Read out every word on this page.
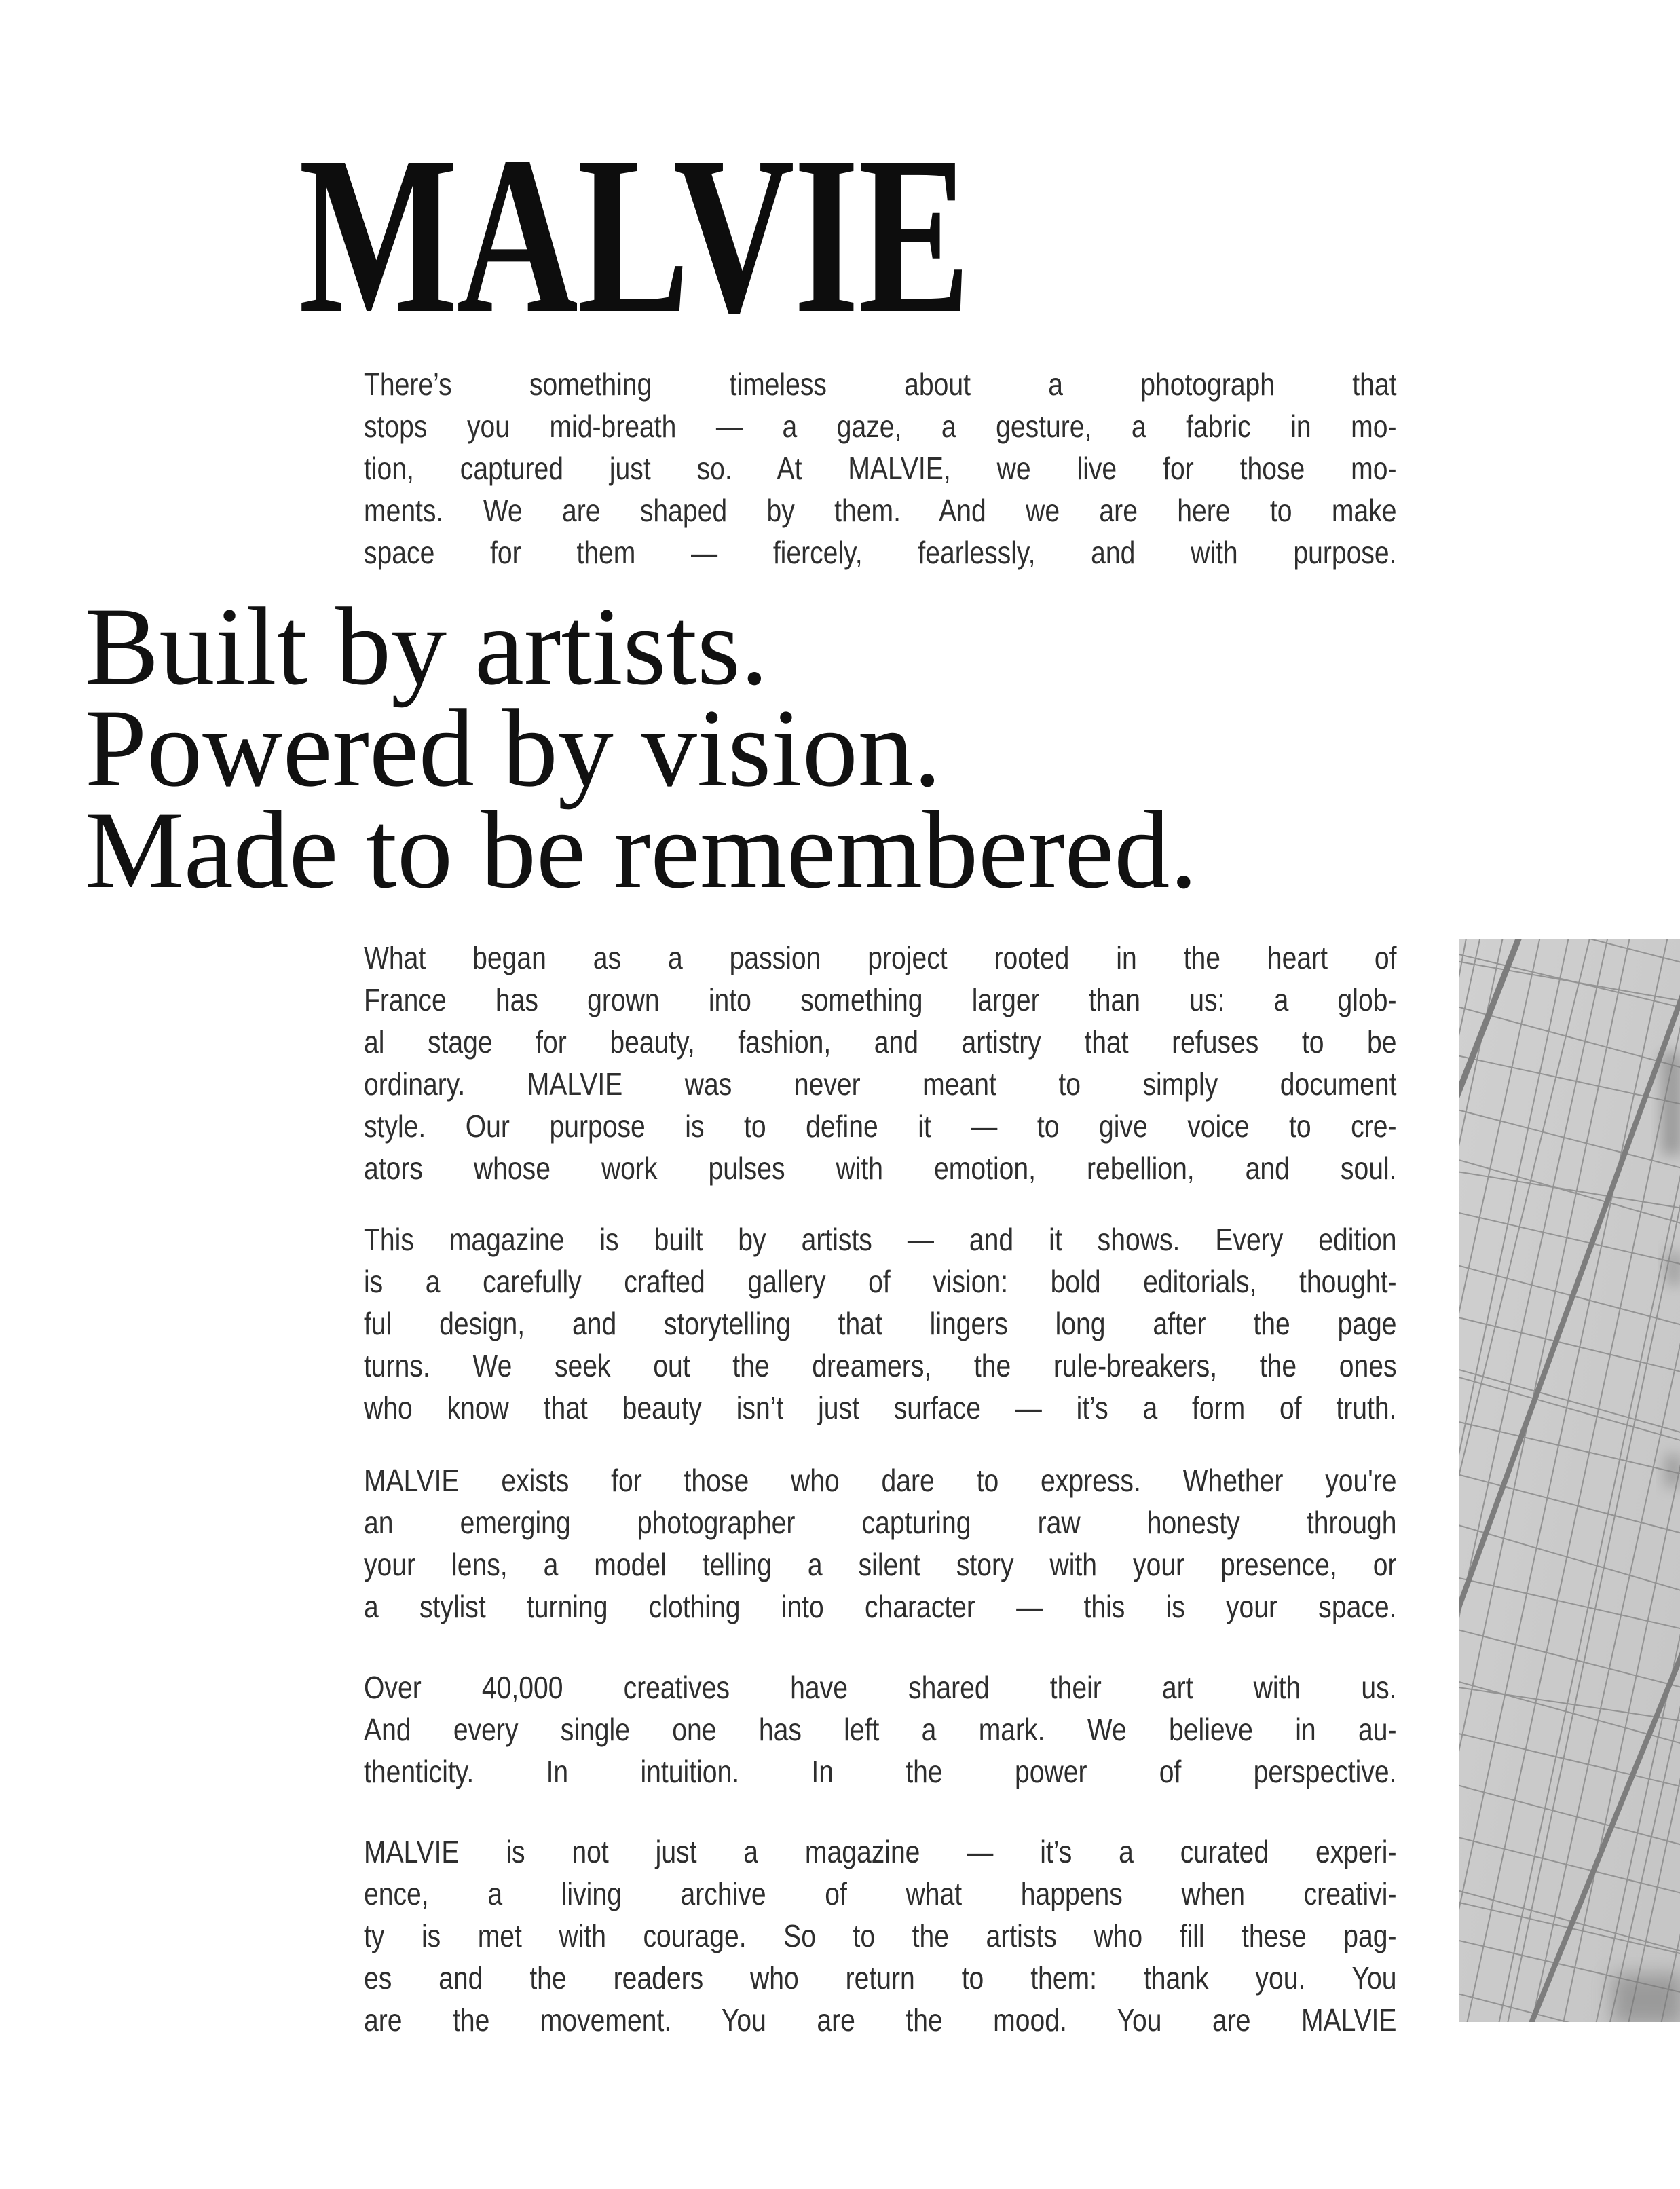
MALVIE
Built by artists.
Powered by vision.
Made to be remembered.
There’s something timeless about a photograph that
stops you mid-breath — a gaze, a gesture, a fabric in mo-
tion, captured just so. At MALVIE, we live for those mo-
ments. We are shaped by them. And we are here to make
space for them — fiercely, fearlessly, and with purpose.
What began as a passion project rooted in the heart of
France has grown into something larger than us: a glob-
al stage for beauty, fashion, and artistry that refuses to be
ordinary. MALVIE was never meant to simply document
style. Our purpose is to define it — to give voice to cre-
ators whose work pulses with emotion, rebellion, and soul.
This magazine is built by artists — and it shows. Every edition
is a carefully crafted gallery of vision: bold editorials, thought-
ful design, and storytelling that lingers long after the page
turns. We seek out the dreamers, the rule-breakers, the ones
who know that beauty isn’t just surface — it’s a form of truth.
MALVIE exists for those who dare to express. Whether you're
an emerging photographer capturing raw honesty through
your lens, a model telling a silent story with your presence, or
a stylist turning clothing into character — this is your space.
Over 40,000 creatives have shared their art with us.
And every single one has left a mark. We believe in au-
thenticity. In intuition. In the power of perspective.
MALVIE is not just a magazine — it’s a curated experi-
ence, a living archive of what happens when creativi-
ty is met with courage. So to the artists who fill these pag-
es and the readers who return to them: thank you. You
are the movement. You are the mood. You are MALVIE
